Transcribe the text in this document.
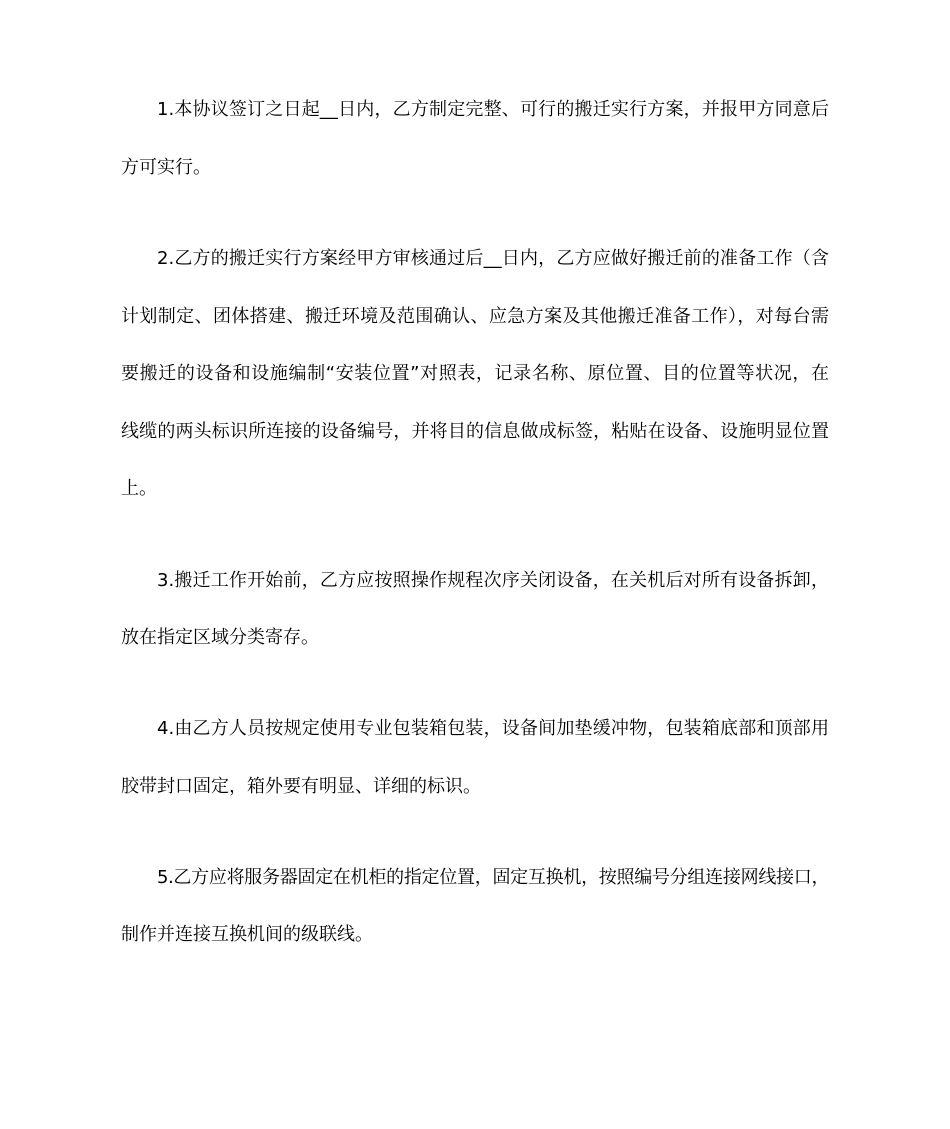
1.本协议签订之日起__日内，乙方制定完整、可行的搬迁实行方案，并报甲方同意后
方可实行。
2.乙方的搬迁实行方案经甲方审核通过后__日内，乙方应做好搬迁前的准备工作（含
计划制定、团体搭建、搬迁环境及范围确认、应急方案及其他搬迁准备工作），对每台需
要搬迁的设备和设施编制“安装位置”对照表，记录名称、原位置、目的位置等状况，在
线缆的两头标识所连接的设备编号，并将目的信息做成标签，粘贴在设备、设施明显位置
上。
3.搬迁工作开始前，乙方应按照操作规程次序关闭设备，在关机后对所有设备拆卸，
放在指定区域分类寄存。
4.由乙方人员按规定使用专业包装箱包装，设备间加垫缓冲物，包装箱底部和顶部用
胶带封口固定，箱外要有明显、详细的标识。
5.乙方应将服务器固定在机柜的指定位置，固定互换机，按照编号分组连接网线接口，
制作并连接互换机间的级联线。
